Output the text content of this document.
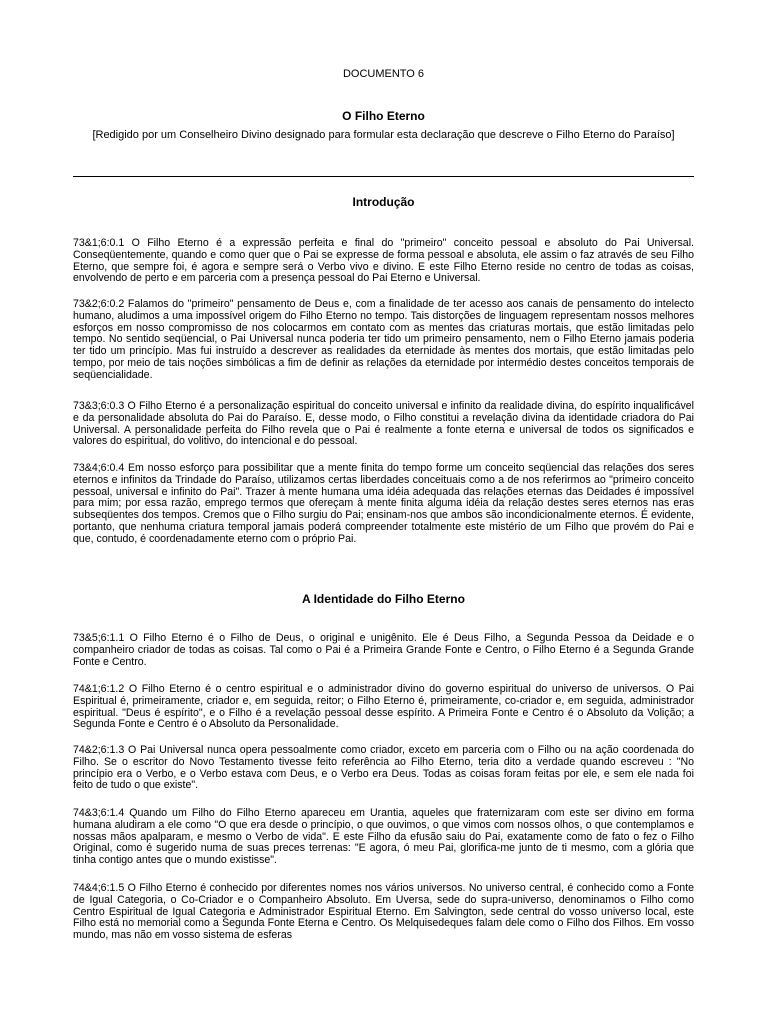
DOCUMENTO 6
O Filho Eterno
[Redigido por um Conselheiro Divino designado para formular esta declaração que descreve o Filho Eterno do Paraíso]
Introdução
73&1;6:0.1 O Filho Eterno é a expressão perfeita e final do "primeiro" conceito pessoal e absoluto do Pai Universal. Conseqüentemente, quando e como quer que o Pai se expresse de forma pessoal e absoluta, ele assim o faz através de seu Filho Eterno, que sempre foi, é agora e sempre será o Verbo vivo e divino. E este Filho Eterno reside no centro de todas as coisas, envolvendo de perto e em parceria com a presença pessoal do Pai Eterno e Universal.
73&2;6:0.2 Falamos do "primeiro" pensamento de Deus e, com a finalidade de ter acesso aos canais de pensamento do intelecto humano, aludimos a uma impossível origem do Filho Eterno no tempo. Tais distorções de linguagem representam nossos melhores esforços em nosso compromisso de nos colocarmos em contato com as mentes das criaturas mortais, que estão limitadas pelo tempo. No sentido seqüencial, o Pai Universal nunca poderia ter tido um primeiro pensamento, nem o Filho Eterno jamais poderia ter tido um princípio. Mas fui instruído a descrever as realidades da eternidade às mentes dos mortais, que estão limitadas pelo tempo, por meio de tais noções simbólicas a fim de definir as relações da eternidade por intermédio destes conceitos temporais de seqüencialidade.
73&3;6:0.3 O Filho Eterno é a personalização espiritual do conceito universal e infinito da realidade divina, do espírito inqualificável e da personalidade absoluta do Pai do Paraíso. E, desse modo, o Filho constitui a revelação divina da identidade criadora do Pai Universal. A personalidade perfeita do Filho revela que o Pai é realmente a fonte eterna e universal de todos os significados e valores do espiritual, do volitivo, do intencional e do pessoal.
73&4;6:0.4 Em nosso esforço para possibilitar que a mente finita do tempo forme um conceito seqüencial das relações dos seres eternos e infinitos da Trindade do Paraíso, utilizamos certas liberdades conceituais como a de nos referirmos ao "primeiro conceito pessoal, universal e infinito do Pai". Trazer à mente humana uma idéia adequada das relações eternas das Deidades é impossível para mim; por essa razão, emprego termos que ofereçam à mente finita alguma idéia da relação destes seres eternos nas eras subseqüentes dos tempos. Cremos que o Filho surgiu do Pai; ensinam-nos que ambos são incondicionalmente eternos. É evidente, portanto, que nenhuma criatura temporal jamais poderá compreender totalmente este mistério de um Filho que provém do Pai e que, contudo, é coordenadamente eterno com o próprio Pai.
A Identidade do Filho Eterno
73&5;6:1.1 O Filho Eterno é o Filho de Deus, o original e unigênito. Ele é Deus Filho, a Segunda Pessoa da Deidade e o companheiro criador de todas as coisas. Tal como o Pai é a Primeira Grande Fonte e Centro, o Filho Eterno é a Segunda Grande Fonte e Centro.
74&1;6:1.2 O Filho Eterno é o centro espiritual e o administrador divino do governo espiritual do universo de universos. O Pai Espiritual é, primeiramente, criador e, em seguida, reitor; o Filho Eterno é, primeiramente, co-criador e, em seguida, administrador espiritual. "Deus é espírito", e o Filho é a revelação pessoal desse espírito. A Primeira Fonte e Centro é o Absoluto da Volição; a Segunda Fonte e Centro é o Absoluto da Personalidade.
74&2;6:1.3 O Pai Universal nunca opera pessoalmente como criador, exceto em parceria com o Filho ou na ação coordenada do Filho. Se o escritor do Novo Testamento tivesse feito referência ao Filho Eterno, teria dito a verdade quando escreveu : "No princípio era o Verbo, e o Verbo estava com Deus, e o Verbo era Deus. Todas as coisas foram feitas por ele, e sem ele nada foi feito de tudo o que existe".
74&3;6:1.4 Quando um Filho do Filho Eterno apareceu em Urantia, aqueles que fraternizaram com este ser divino em forma humana aludiram a ele como "O que era desde o princípio, o que ouvimos, o que vimos com nossos olhos, o que contemplamos e nossas mãos apalparam, e mesmo o Verbo de vida". E este Filho da efusão saiu do Pai, exatamente como de fato o fez o Filho Original, como é sugerido numa de suas preces terrenas: "E agora, ó meu Pai, glorifica-me junto de ti mesmo, com a glória que tinha contigo antes que o mundo existisse".
74&4;6:1.5 O Filho Eterno é conhecido por diferentes nomes nos vários universos. No universo central, é conhecido como a Fonte de Igual Categoria, o Co-Criador e o Companheiro Absoluto. Em Uversa, sede do supra-universo, denominamos o Filho como Centro Espiritual de Igual Categoria e Administrador Espiritual Eterno. Em Salvington, sede central do vosso universo local, este Filho está no memorial como a Segunda Fonte Eterna e Centro. Os Melquisedeques falam dele como o Filho dos Filhos. Em vosso mundo, mas não em vosso sistema de esferas
